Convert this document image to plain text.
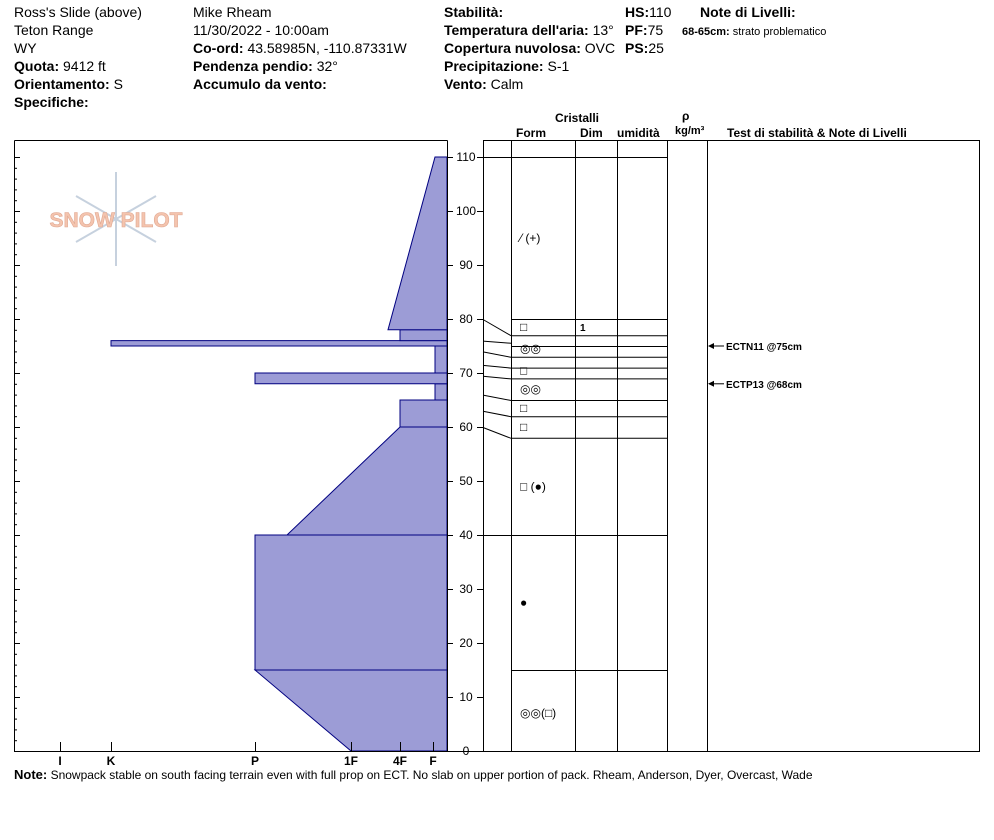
Ross's Slide (above)
Teton Range
WY
Quota: 9412 ft
Orientamento: S
Specifiche:
Mike Rheam
11/30/2022 - 10:00am
Co-ord: 43.58985N, -110.87331W
Pendenza pendio: 32°
Accumulo da vento:
Stabilità:
Temperatura dell'aria: 13°
Copertura nuvolosa: OVC
Precipitazione: S-1
Vento: Calm
HS:110
PF:75
PS:25
Note di Livelli:
68-65cm: strato problematico
Cristalli
Form	Dim umidità
ρ
kg/m³ Test di stabilità & Note di Livelli
SNOW PILOT
I	K	P	1F	4F F
0
10
20
30
40
50
60
70
80
90
100
110
⁄ (+)
□	1
◎◎
□
◎◎
□
□
□ (●)
●
◎◎(□)
ECTN11 @75cm
ECTP13 @68cm
Note: Snowpack stable on south facing terrain even with full prop on ECT. No slab on upper portion of pack. Rheam, Anderson, Dyer, Overcast, Wade
